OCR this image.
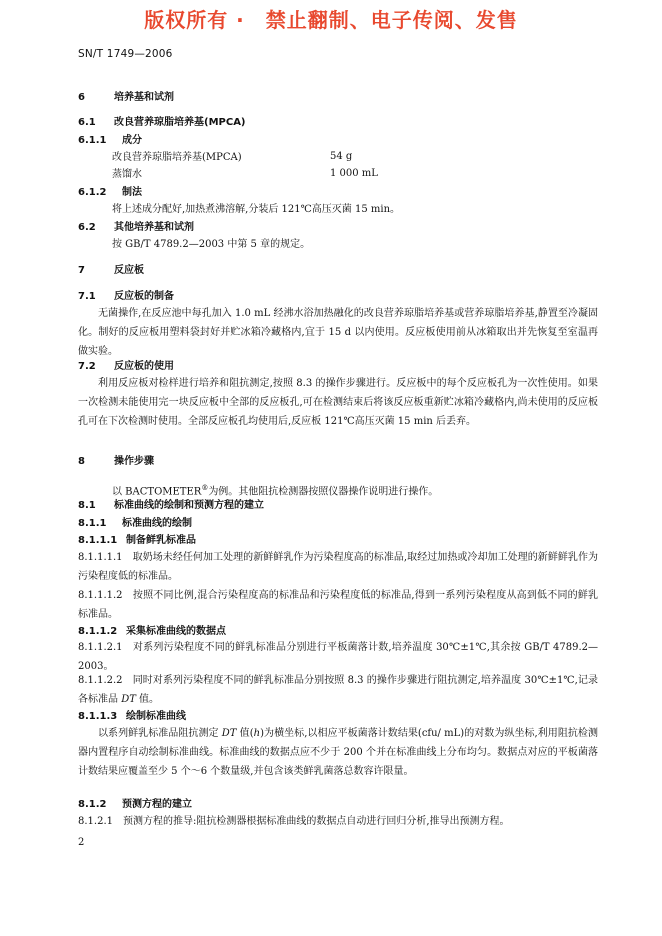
版权所有 ·　禁止翻制、电子传阅、发售
SN/T 1749—2006
6	培养基和试剂
6.1 改良营养琼脂培养基(MPCA)
6.1.1 成分
改良营养琼脂培养基(MPCA)	54 g
蒸馏水	1 000 mL
6.1.2 制法
将上述成分配好,加热煮沸溶解,分装后 121℃高压灭菌 15 min。
6.2 其他培养基和试剂
按 GB/T 4789.2—2003 中第 5 章的规定。
7	反应板
7.1 反应板的制备
无菌操作,在反应池中每孔加入 1.0 mL 经沸水浴加热融化的改良营养琼脂培养基或营养琼脂培养基,静置至冷凝固化。制好的反应板用塑料袋封好并贮冰箱冷藏格内,宜于 15 d 以内使用。反应板使用前从冰箱取出并先恢复至室温再做实验。
7.2 反应板的使用
利用反应板对检样进行培养和阻抗测定,按照 8.3 的操作步骤进行。反应板中的每个反应板孔为一次性使用。如果一次检测未能使用完一块反应板中全部的反应板孔,可在检测结束后将该反应板重新贮冰箱冷藏格内,尚未使用的反应板孔可在下次检测时使用。全部反应板孔均使用后,反应板 121℃高压灭菌 15 min 后丢弃。
8	操作步骤
以 BACTOMETER®为例。其他阻抗检测器按照仪器操作说明进行操作。
8.1 标准曲线的绘制和预测方程的建立
8.1.1 标准曲线的绘制
8.1.1.1 制备鲜乳标准品
8.1.1.1.1　 取奶场未经任何加工处理的新鲜鲜乳作为污染程度高的标准品,取经过加热或冷却加工处理的新鲜鲜乳作为污染程度低的标准品。
8.1.1.1.2　 按照不同比例,混合污染程度高的标准品和污染程度低的标准品,得到一系列污染程度从高到低不同的鲜乳标准品。
8.1.1.2 采集标准曲线的数据点
8.1.1.2.1　 对系列污染程度不同的鲜乳标准品分别进行平板菌落计数,培养温度 30℃±1℃,其余按 GB/T 4789.2—2003。
8.1.1.2.2　 同时对系列污染程度不同的鲜乳标准品分别按照 8.3 的操作步骤进行阻抗测定,培养温度 30℃±1℃,记录各标准品 DT 值。
8.1.1.3 绘制标准曲线
以系列鲜乳标准品阻抗测定 DT 值(h)为横坐标,以相应平板菌落计数结果(cfu/ mL)的对数为纵坐标,利用阻抗检测器内置程序自动绘制标准曲线。标准曲线的数据点应不少于 200 个并在标准曲线上分布均匀。数据点对应的平板菌落计数结果应覆盖至少 5 个～6 个数量级,并包含该类鲜乳菌落总数容许限量。
8.1.2 预测方程的建立
8.1.2.1　 预测方程的推导:阻抗检测器根据标准曲线的数据点自动进行回归分析,推导出预测方程。
2
